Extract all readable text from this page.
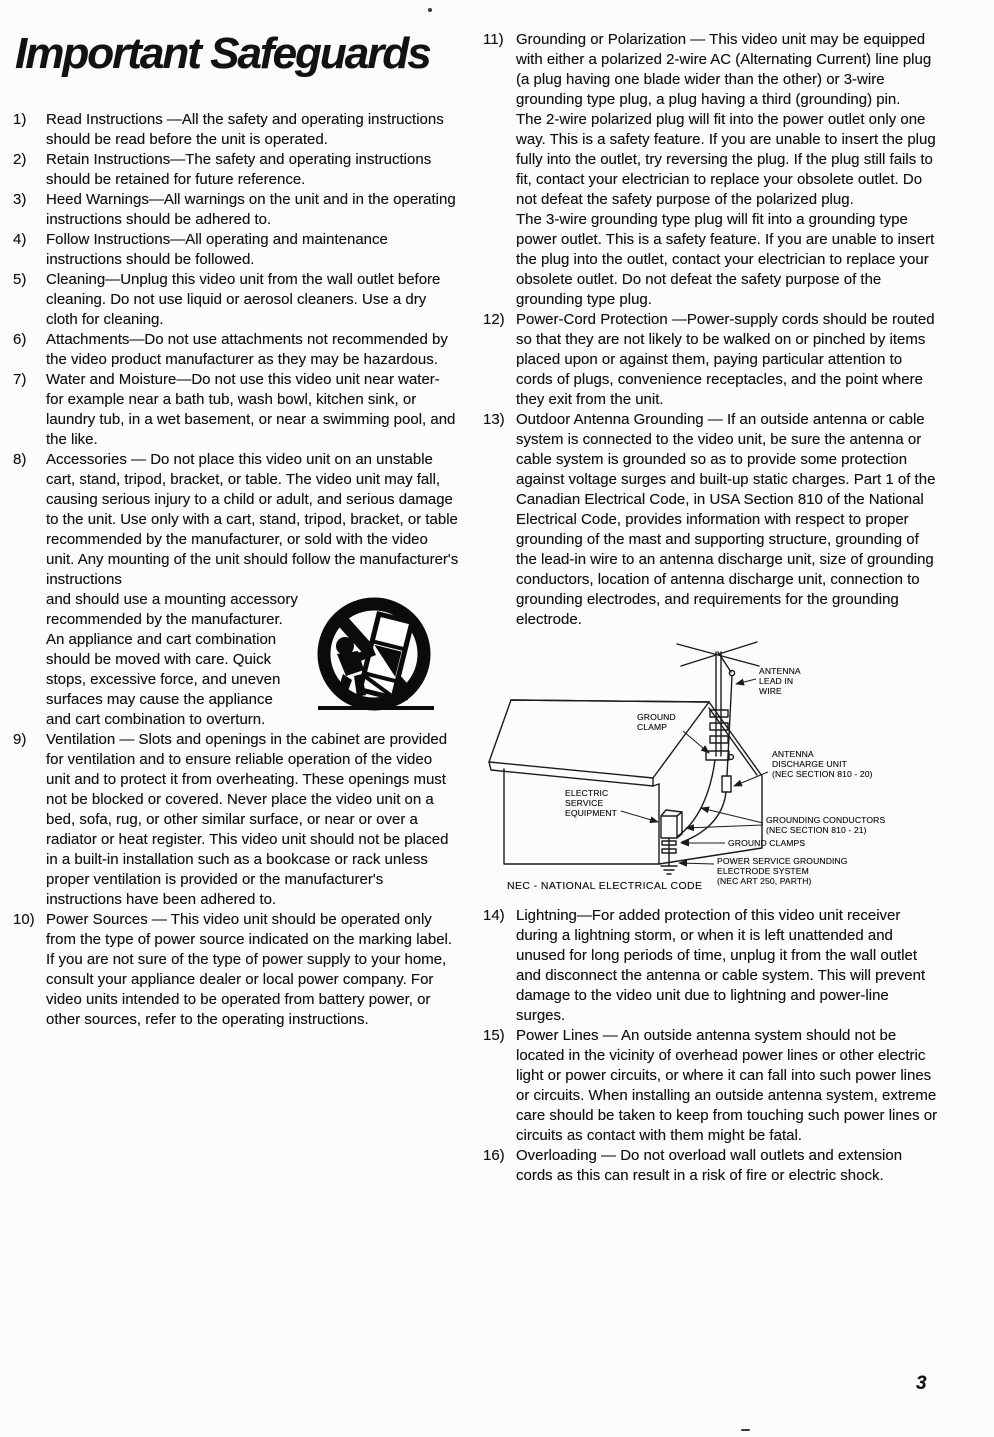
Important Safeguards
1)	Read Instructions —All the safety and operating instructions should be read before the unit is operated.

2)	Retain Instructions—The safety and operating instructions should be retained for future reference.

3)	Heed Warnings—All warnings on the unit and in the operating instructions should be adhered to.

4)	Follow Instructions—All operating and maintenance instructions should be followed.

5)	Cleaning—Unplug this video unit from the wall outlet before cleaning. Do not use liquid or aerosol cleaners. Use a dry cloth for cleaning.

6)	Attachments—Do not use attachments not recommended by the video product manufacturer as they may be hazardous.

7)	Water and Moisture—Do not use this video unit near water- for example near a bath tub, wash bowl, kitchen sink, or laundry tub, in a wet basement, or near a swimming pool, and the like.

8)	Accessories — Do not place this video unit on an unstable cart, stand, tripod, bracket, or table. The video unit may fall, causing serious injury to a child or adult, and serious damage to the unit. Use only with a cart, stand, tripod, bracket, or table recommended by the manufacturer, or sold with the video unit. Any mounting of the unit should follow the manufacturer's instructions

and should use a mounting accessory recommended by the manufacturer. An appliance and cart combination should be moved with care. Quick stops, excessive force, and uneven surfaces may cause the appliance and cart combination to overturn.

9)	Ventilation — Slots and openings in the cabinet are provided for ventilation and to ensure reliable operation of the video unit and to protect it from overheating. These openings must not be blocked or covered. Never place the video unit on a bed, sofa, rug, or other similar surface, or near or over a radiator or heat register. This video unit should not be placed in a built-in installation such as a bookcase or rack unless proper ventilation is provided or the manufacturer's instructions have been adhered to.

10) Power Sources — This video unit should be operated only from the type of power source indicated on the marking label. If you are not sure of the type of power supply to your home, consult your appliance dealer or local power company. For video units intended to be operated from battery power, or other sources, refer to the operating instructions.

11) Grounding or Polarization — This video unit may be equipped with either a polarized 2-wire AC (Alternating Current) line plug (a plug having one blade wider than the other) or 3-wire grounding type plug, a plug having a third (grounding) pin.

The 2-wire polarized plug will fit into the power outlet only one way. This is a safety feature. If you are unable to insert the plug fully into the outlet, try reversing the plug. If the plug still fails to fit, contact your electrician to replace your obsolete outlet. Do not defeat the safety purpose of the polarized plug.

The 3-wire grounding type plug will fit into a grounding type power outlet. This is a safety feature. If you are unable to insert the plug into the outlet, contact your electrician to replace your obsolete outlet. Do not defeat the safety purpose of the grounding type plug.

12) Power-Cord Protection —Power-supply cords should be routed so that they are not likely to be walked on or pinched by items placed upon or against them, paying particular attention to cords of plugs, convenience receptacles, and the point where they exit from the unit.

13) Outdoor Antenna Grounding — If an outside antenna or cable system is connected to the video unit, be sure the antenna or cable system is grounded so as to provide some protection against voltage surges and built-up static charges. Part 1 of the Canadian Electrical Code, in USA Section 810 of the National Electrical Code, provides information with respect to proper grounding of the mast and supporting structure, grounding of the lead-in wire to an antenna discharge unit, size of grounding conductors, location of antenna discharge unit, connection to grounding electrodes, and requirements for the grounding electrode.

ANTENNA
LEAD IN
WIRE
GROUND
CLAMP
ANTENNA
DISCHARGE UNIT
(NEC SECTION 810 - 20)
ELECTRIC
SERVICE
EQUIPMENT
GROUNDING CONDUCTORS
(NEC SECTION 810 - 21)
GROUND CLAMPS
POWER SERVICE GROUNDING
ELECTRODE SYSTEM
(NEC ART 250, PARTH)
NEC - NATIONAL ELECTRICAL CODE
14) Lightning—For added protection of this video unit receiver during a lightning storm, or when it is left unattended and unused for long periods of time, unplug it from the wall outlet and disconnect the antenna or cable system. This will prevent damage to the video unit due to lightning and power-line surges.

15) Power Lines — An outside antenna system should not be located in the vicinity of overhead power lines or other electric light or power circuits, or where it can fall into such power lines or circuits. When installing an outside antenna system, extreme care should be taken to keep from touching such power lines or circuits as contact with them might be fatal.

16) Overloading — Do not overload wall outlets and extension cords as this can result in a risk of fire or electric shock.

3
